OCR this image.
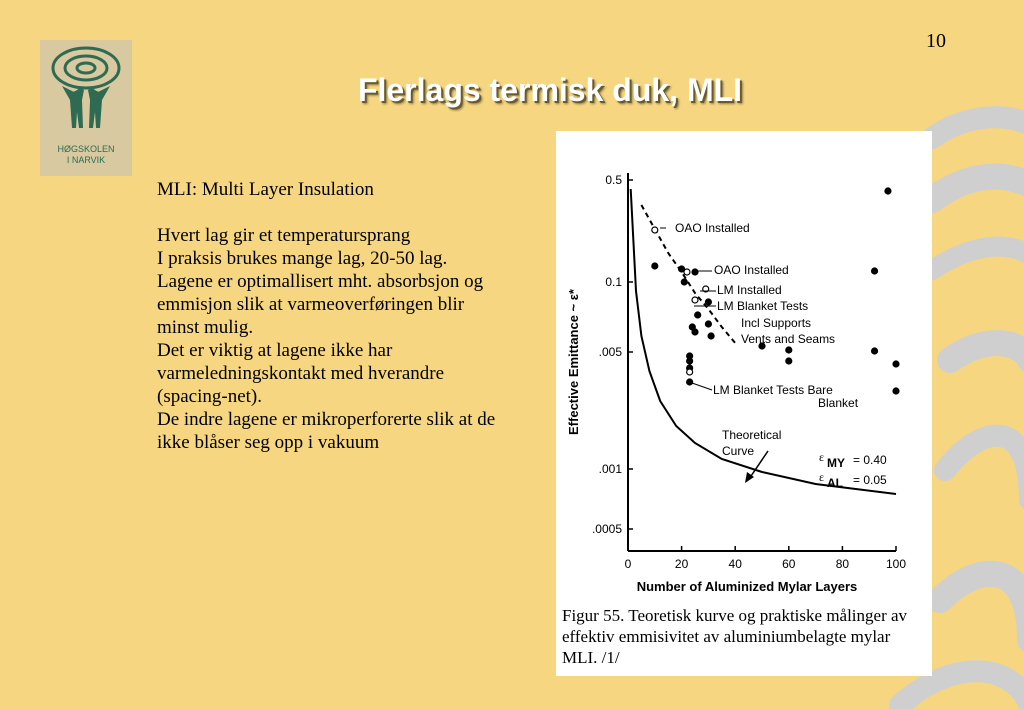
HØGSKOLEN
I NARVIK
10
Flerlags termisk duk, MLI

MLI: Multi Layer Insulation

Hvert lag gir et temperatursprang

I praksis brukes mange lag, 20-50 lag.

Lagene er optimallisert mht. absorbsjon og emmisjon slik at varmeoverføringen blir minst mulig.

Det er viktig at lagene ikke har varmeledningskontakt med hverandre (spacing-net).

De indre lagene er mikroperforerte slik at de ikke blåser seg opp i vakuum

0	20	40	60	80	100
0.5
0.1
.005
.001
.0005
Number of Aluminized Mylar Layers
Effective Emittance ~ ε*
OAO Installed
OAO Installed
LM Installed
LM Blanket Tests
Incl Supports
Vents and Seams
LM Blanket Tests Bare
Blanket
Theoretical
Curve	ε MY = 0.40
ε AL = 0.05
Figur 55. Teoretisk kurve og praktiske målinger av effektiv emmisivitet av aluminiumbelagte mylar MLI. /1/
